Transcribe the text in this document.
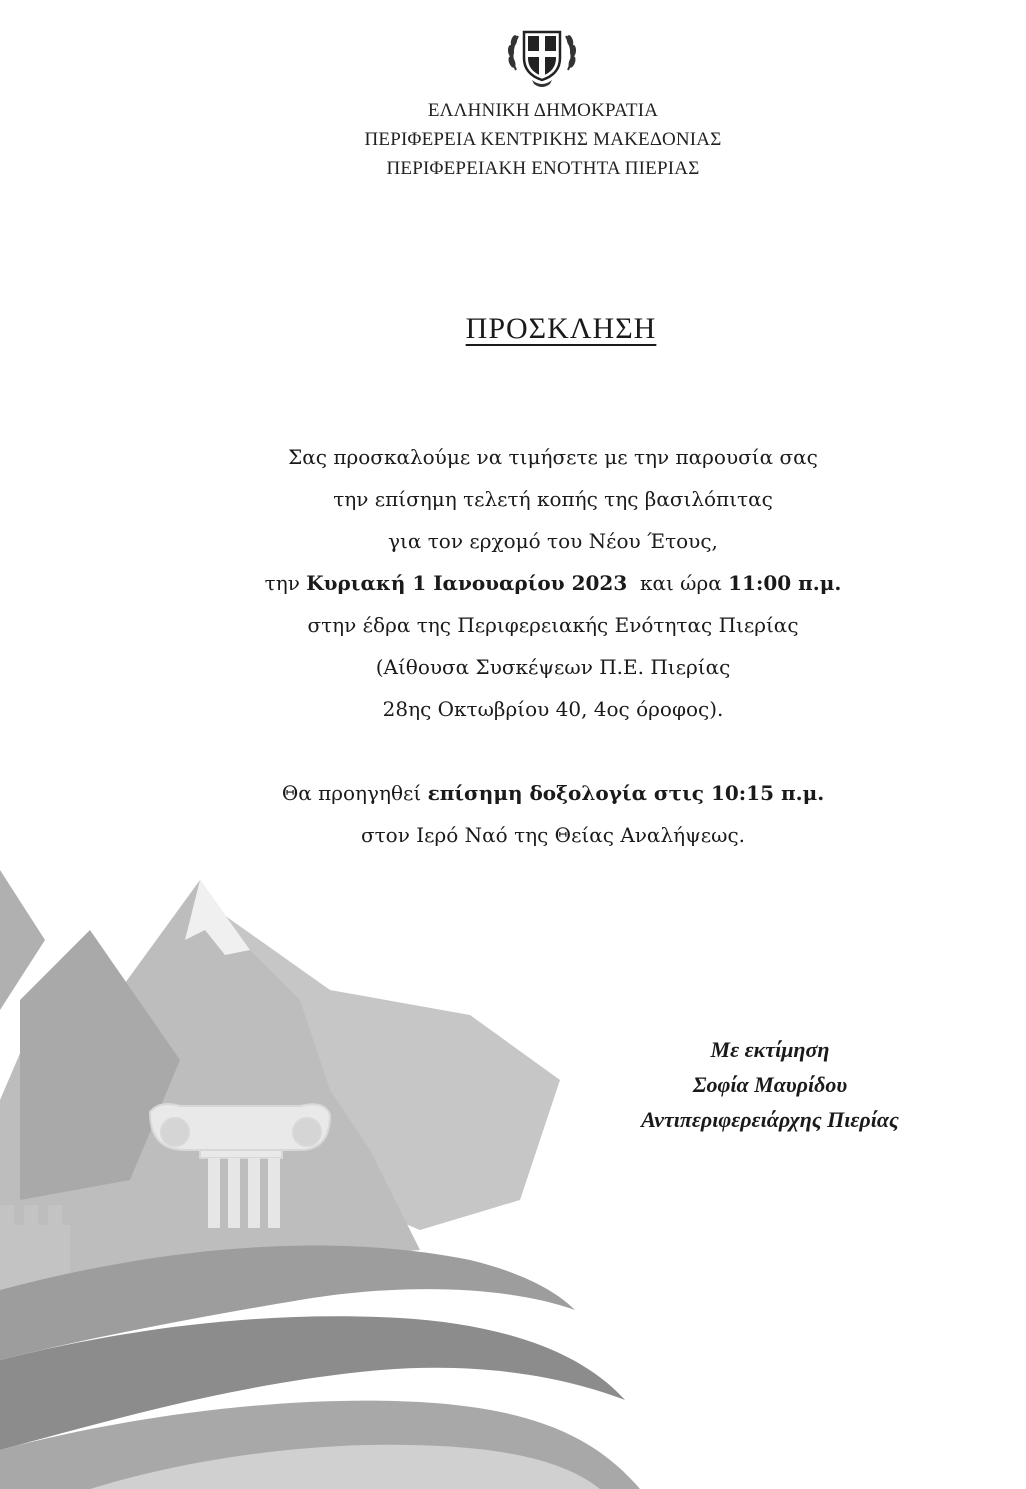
ΕΛΛΗΝΙΚΗ ΔΗΜΟΚΡΑΤΙΑ
ΠΕΡΙΦΕΡΕΙΑ ΚΕΝΤΡΙΚΗΣ ΜΑΚΕΔΟΝΙΑΣ
ΠΕΡΙΦΕΡΕΙΑΚΗ ΕΝΟΤΗΤΑ ΠΙΕΡΙΑΣ
ΠΡΟΣΚΛΗΣΗ
Σας προσκαλούμε να τιμήσετε με την παρουσία σας
την επίσημη τελετή κοπής της βασιλόπιτας
για τον ερχομό του Νέου Έτους,
την Κυριακή 1 Ιανουαρίου 2023  και ώρα 11:00 π.μ.
στην έδρα της Περιφερειακής Ενότητας Πιερίας
(Αίθουσα Συσκέψεων Π.Ε. Πιερίας
28ης Οκτωβρίου 40, 4ος όροφος).
Θα προηγηθεί επίσημη δοξολογία στις 10:15 π.μ.
στον Ιερό Ναό της Θείας Αναλήψεως.
Με εκτίμηση
Σοφία Μαυρίδου
Αντιπεριφερειάρχης Πιερίας
